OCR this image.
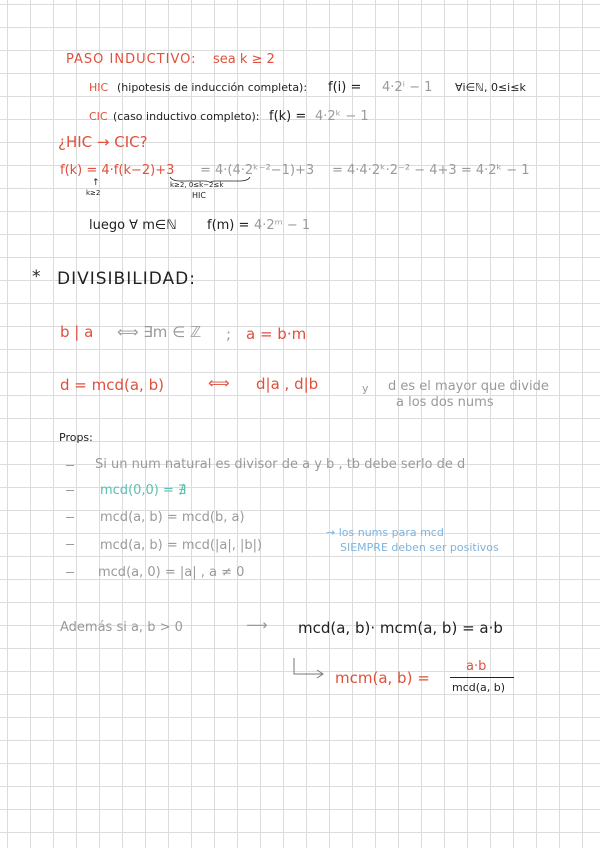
PASO INDUCTIVO: sea k ≥ 2
HIC (hipotesis de inducción completa): f(i) = 4·2ⁱ − 1 ∀i∈ℕ, 0≤i≤k
CIC (caso inductivo completo): f(k) = 4·2ᵏ − 1
¿HIC → CIC?
f(k) = 4·f(k−2)+3 = 4·(4·2ᵏ⁻²−1)+3 = 4·4·2ᵏ·2⁻² − 4+3 = 4·2ᵏ − 1
↑
k≥2
k≥2, 0≤k−2≤k
HIC
luego ∀ m∈ℕ f(m) = 4·2ᵐ − 1
* DIVISIBILIDAD:
b | a ⟺ ∃m ∈ ℤ ; a = b·m
d = mcd(a, b)	⟺ d|a , d|b	y d es el mayor que divide
a los dos nums
Props:
Si un num natural es divisor de a y b , tb debe serlo de d
mcd(0,0) = ∄
mcd(a, b) = mcd(b, a)
mcd(a, b) = mcd(|a|, |b|)
mcd(a, 0) = |a| , a ≠ 0
→ los nums para mcd
SIEMPRE deben ser positivos
Además si a, b > 0	⟶ mcd(a, b)· mcm(a, b) = a·b
mcm(a, b) =
a·b
mcd(a, b)
